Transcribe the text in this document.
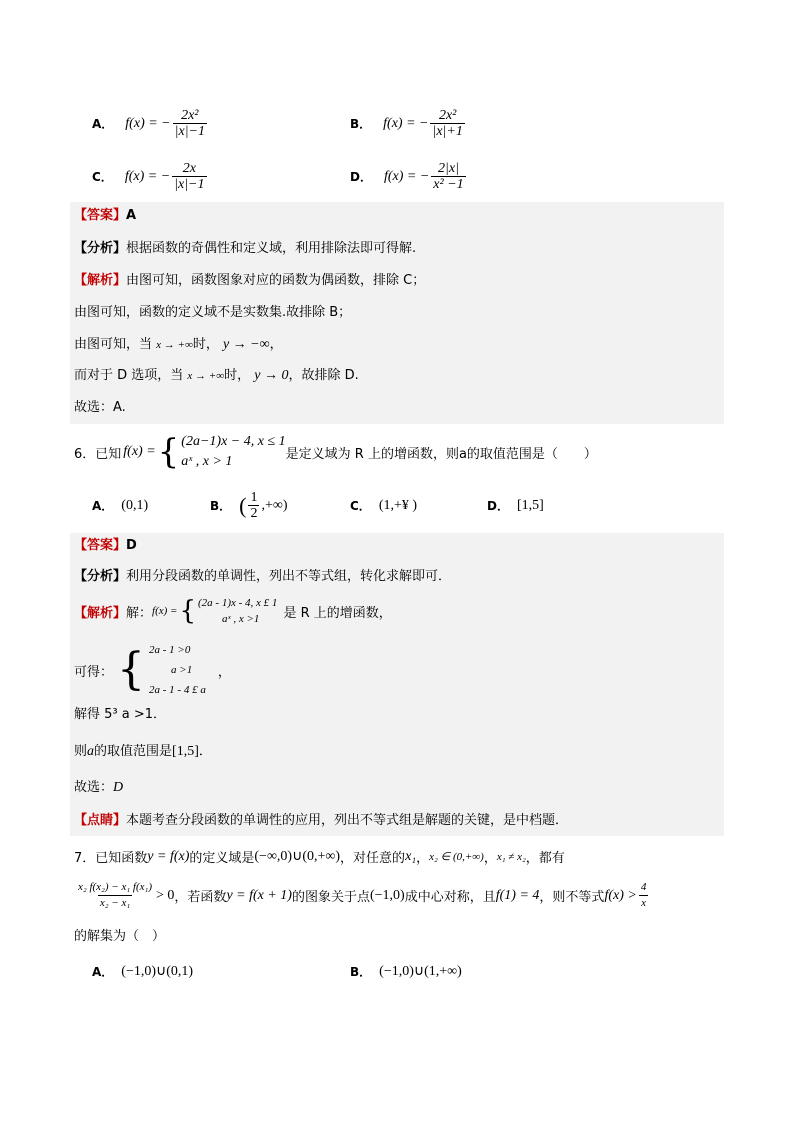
A． f(x) = − $\frac{\text{2x²}}{|x|-1}$	B． f(x) = − $\frac{\text{2x²}}{|x|+1}$
C． f(x) = − $\frac{2x}{|x|-1}$	D． f(x) = − $\frac{2|x|}{\text{x² −1}}$
【答案】A
【分析】根据函数的奇偶性和定义域，利用排除法即可得解.
【解析】由图可知，函数图象对应的函数为偶函数，排除 C；
由图可知，函数的定义域不是实数集.故排除 B；
由图可知，当 x → +∞时， y → −∞，
而对于 D 选项，当 x → +∞时， y → 0，故排除 D.
故选：A.
6．已知 f(x) = { (2a−1)x − 4, x ≤ 1
aˣ , x > 1	是定义域为 R 上的增函数，则a的取值范围是（　　）
A． (0,1)	B． ( $\frac{1}{2}$ ,+∞)	C． (1,+¥ )	D． [1,5]
【答案】D
【分析】利用分段函数的单调性，列出不等式组，转化求解即可．
【解析】 解： f(x) = { (2a - 1)x - 4, x £ 1
aˣ , x >1	是 R 上的增函数，
可得： { 2a - 1 >0
a >1
2a - 1 - 4 £ a
，
解得 5³ a >1．
则a的取值范围是[1,5]．
故选：D
【点睛】本题考查分段函数的单调性的应用，列出不等式组是解题的关键，是中档题．
7．已知函数 y = f(x) 的定义域是 (−∞,0)∪(0,+∞) ，对任意的 x₁ ， x₂ ∈ (0,+∞) ， x₁ ≠ x₂ ，都有
$\frac{\text{x₂ f(x₂) − x₁ f(x₁)}}{\text{x₂ − x₁}} > 0$ ，若函数 y = f(x + 1) 的图象关于点 (−1,0) 成中心对称，且 f(1) = 4 ，则不等式 $f(x) > \frac{4}{x}$
的解集为（　）
A． (−1,0)∪(0,1)	B． (−1,0)∪(1,+∞)
